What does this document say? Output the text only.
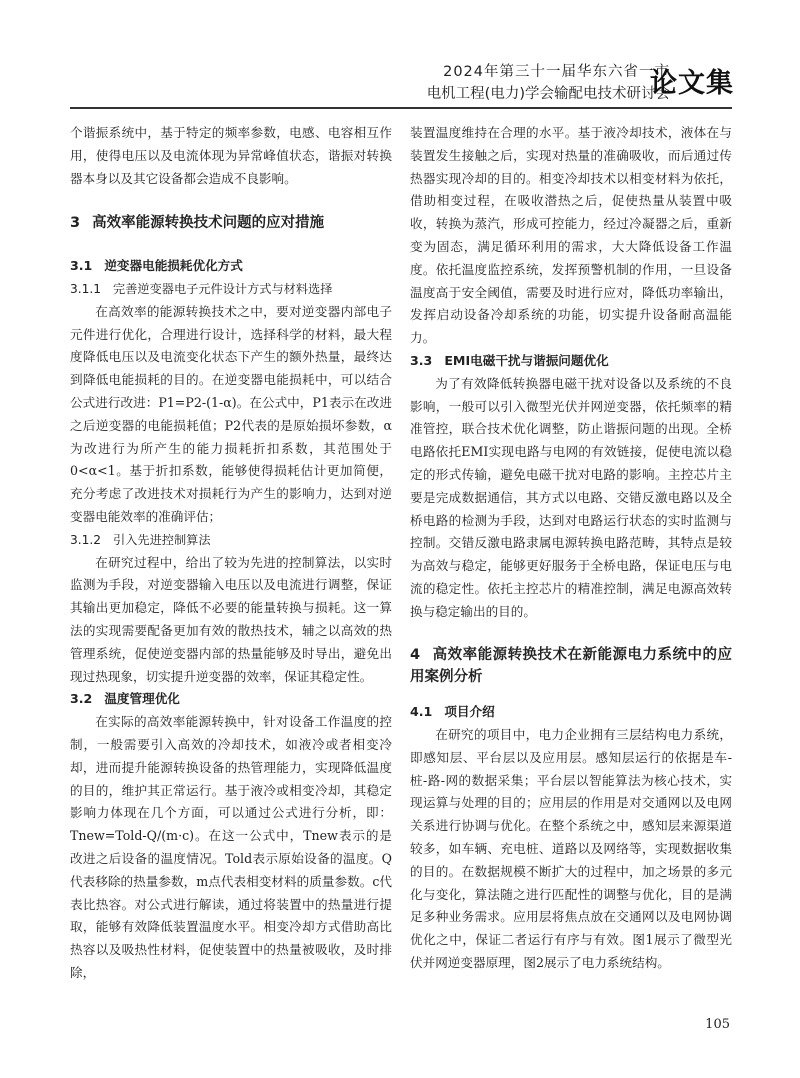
2024年第三十一届华东六省一市
电机工程(电力)学会输配电技术研讨会
论文集

个谐振系统中，基于特定的频率参数，电感、电容相互作用，使得电压以及电流体现为异常峰值状态，谐振对转换器本身以及其它设备都会造成不良影响。

3 高效率能源转换技术问题的应对措施
3.1 逆变器电能损耗优化方式
3.1.1 完善逆变器电子元件设计方式与材料选择

在高效率的能源转换技术之中，要对逆变器内部电子元件进行优化，合理进行设计，选择科学的材料，最大程度降低电压以及电流变化状态下产生的额外热量，最终达到降低电能损耗的目的。在逆变器电能损耗中，可以结合公式进行改进：P1=P2-(1-α)。在公式中，P1表示在改进之后逆变器的电能损耗值；P2代表的是原始损坏参数，α为改进行为所产生的能力损耗折扣系数，其范围处于0<α<1。基于折扣系数，能够使得损耗估计更加简便，充分考虑了改进技术对损耗行为产生的影响力，达到对逆变器电能效率的准确评估；

3.1.2 引入先进控制算法

在研究过程中，给出了较为先进的控制算法，以实时监测为手段，对逆变器输入电压以及电流进行调整，保证其输出更加稳定，降低不必要的能量转换与损耗。这一算法的实现需要配备更加有效的散热技术，辅之以高效的热管理系统，促使逆变器内部的热量能够及时导出，避免出现过热现象，切实提升逆变器的效率，保证其稳定性。

3.2 温度管理优化

在实际的高效率能源转换中，针对设备工作温度的控制，一般需要引入高效的冷却技术，如液冷或者相变冷却，进而提升能源转换设备的热管理能力，实现降低温度的目的，维护其正常运行。基于液冷或相变冷却，其稳定影响力体现在几个方面，可以通过公式进行分析，即：Tnew=Told-Q/(m·c)。在这一公式中，Tnew表示的是改进之后设备的温度情况。Told表示原始设备的温度。Q代表移除的热量参数，m点代表相变材料的质量参数。c代表比热容。对公式进行解读，通过将装置中的热量进行提取，能够有效降低装置温度水平。相变冷却方式借助高比热容以及吸热性材料，促使装置中的热量被吸收，及时排除，

装置温度维持在合理的水平。基于液冷却技术，液体在与装置发生接触之后，实现对热量的准确吸收，而后通过传热器实现冷却的目的。相变冷却技术以相变材料为依托，借助相变过程，在吸收潜热之后，促使热量从装置中吸收，转换为蒸汽，形成可控能力，经过冷凝器之后，重新变为固态，满足循环利用的需求，大大降低设备工作温度。依托温度监控系统，发挥预警机制的作用，一旦设备温度高于安全阈值，需要及时进行应对，降低功率输出，发挥启动设备冷却系统的功能，切实提升设备耐高温能力。

3.3 EMI电磁干扰与谐振问题优化

为了有效降低转换器电磁干扰对设备以及系统的不良影响，一般可以引入微型光伏并网逆变器，依托频率的精准管控，联合技术优化调整，防止谐振问题的出现。全桥电路依托EMI实现电路与电网的有效链接，促使电流以稳定的形式传输，避免电磁干扰对电路的影响。主控芯片主要是完成数据通信，其方式以电路、交错反激电路以及全桥电路的检测为手段，达到对电路运行状态的实时监测与控制。交错反激电路隶属电源转换电路范畴，其特点是较为高效与稳定，能够更好服务于全桥电路，保证电压与电流的稳定性。依托主控芯片的精准控制，满足电源高效转换与稳定输出的目的。

4 高效率能源转换技术在新能源电力系统中的应用案例分析
4.1 项目介绍

在研究的项目中，电力企业拥有三层结构电力系统，即感知层、平台层以及应用层。感知层运行的依据是车-桩-路-网的数据采集；平台层以智能算法为核心技术，实现运算与处理的目的；应用层的作用是对交通网以及电网关系进行协调与优化。在整个系统之中，感知层来源渠道较多，如车辆、充电桩、道路以及网络等，实现数据收集的目的。在数据规模不断扩大的过程中，加之场景的多元化与变化，算法随之进行匹配性的调整与优化，目的是满足多种业务需求。应用层将焦点放在交通网以及电网协调优化之中，保证二者运行有序与有效。图1展示了微型光伏并网逆变器原理，图2展示了电力系统结构。

105
